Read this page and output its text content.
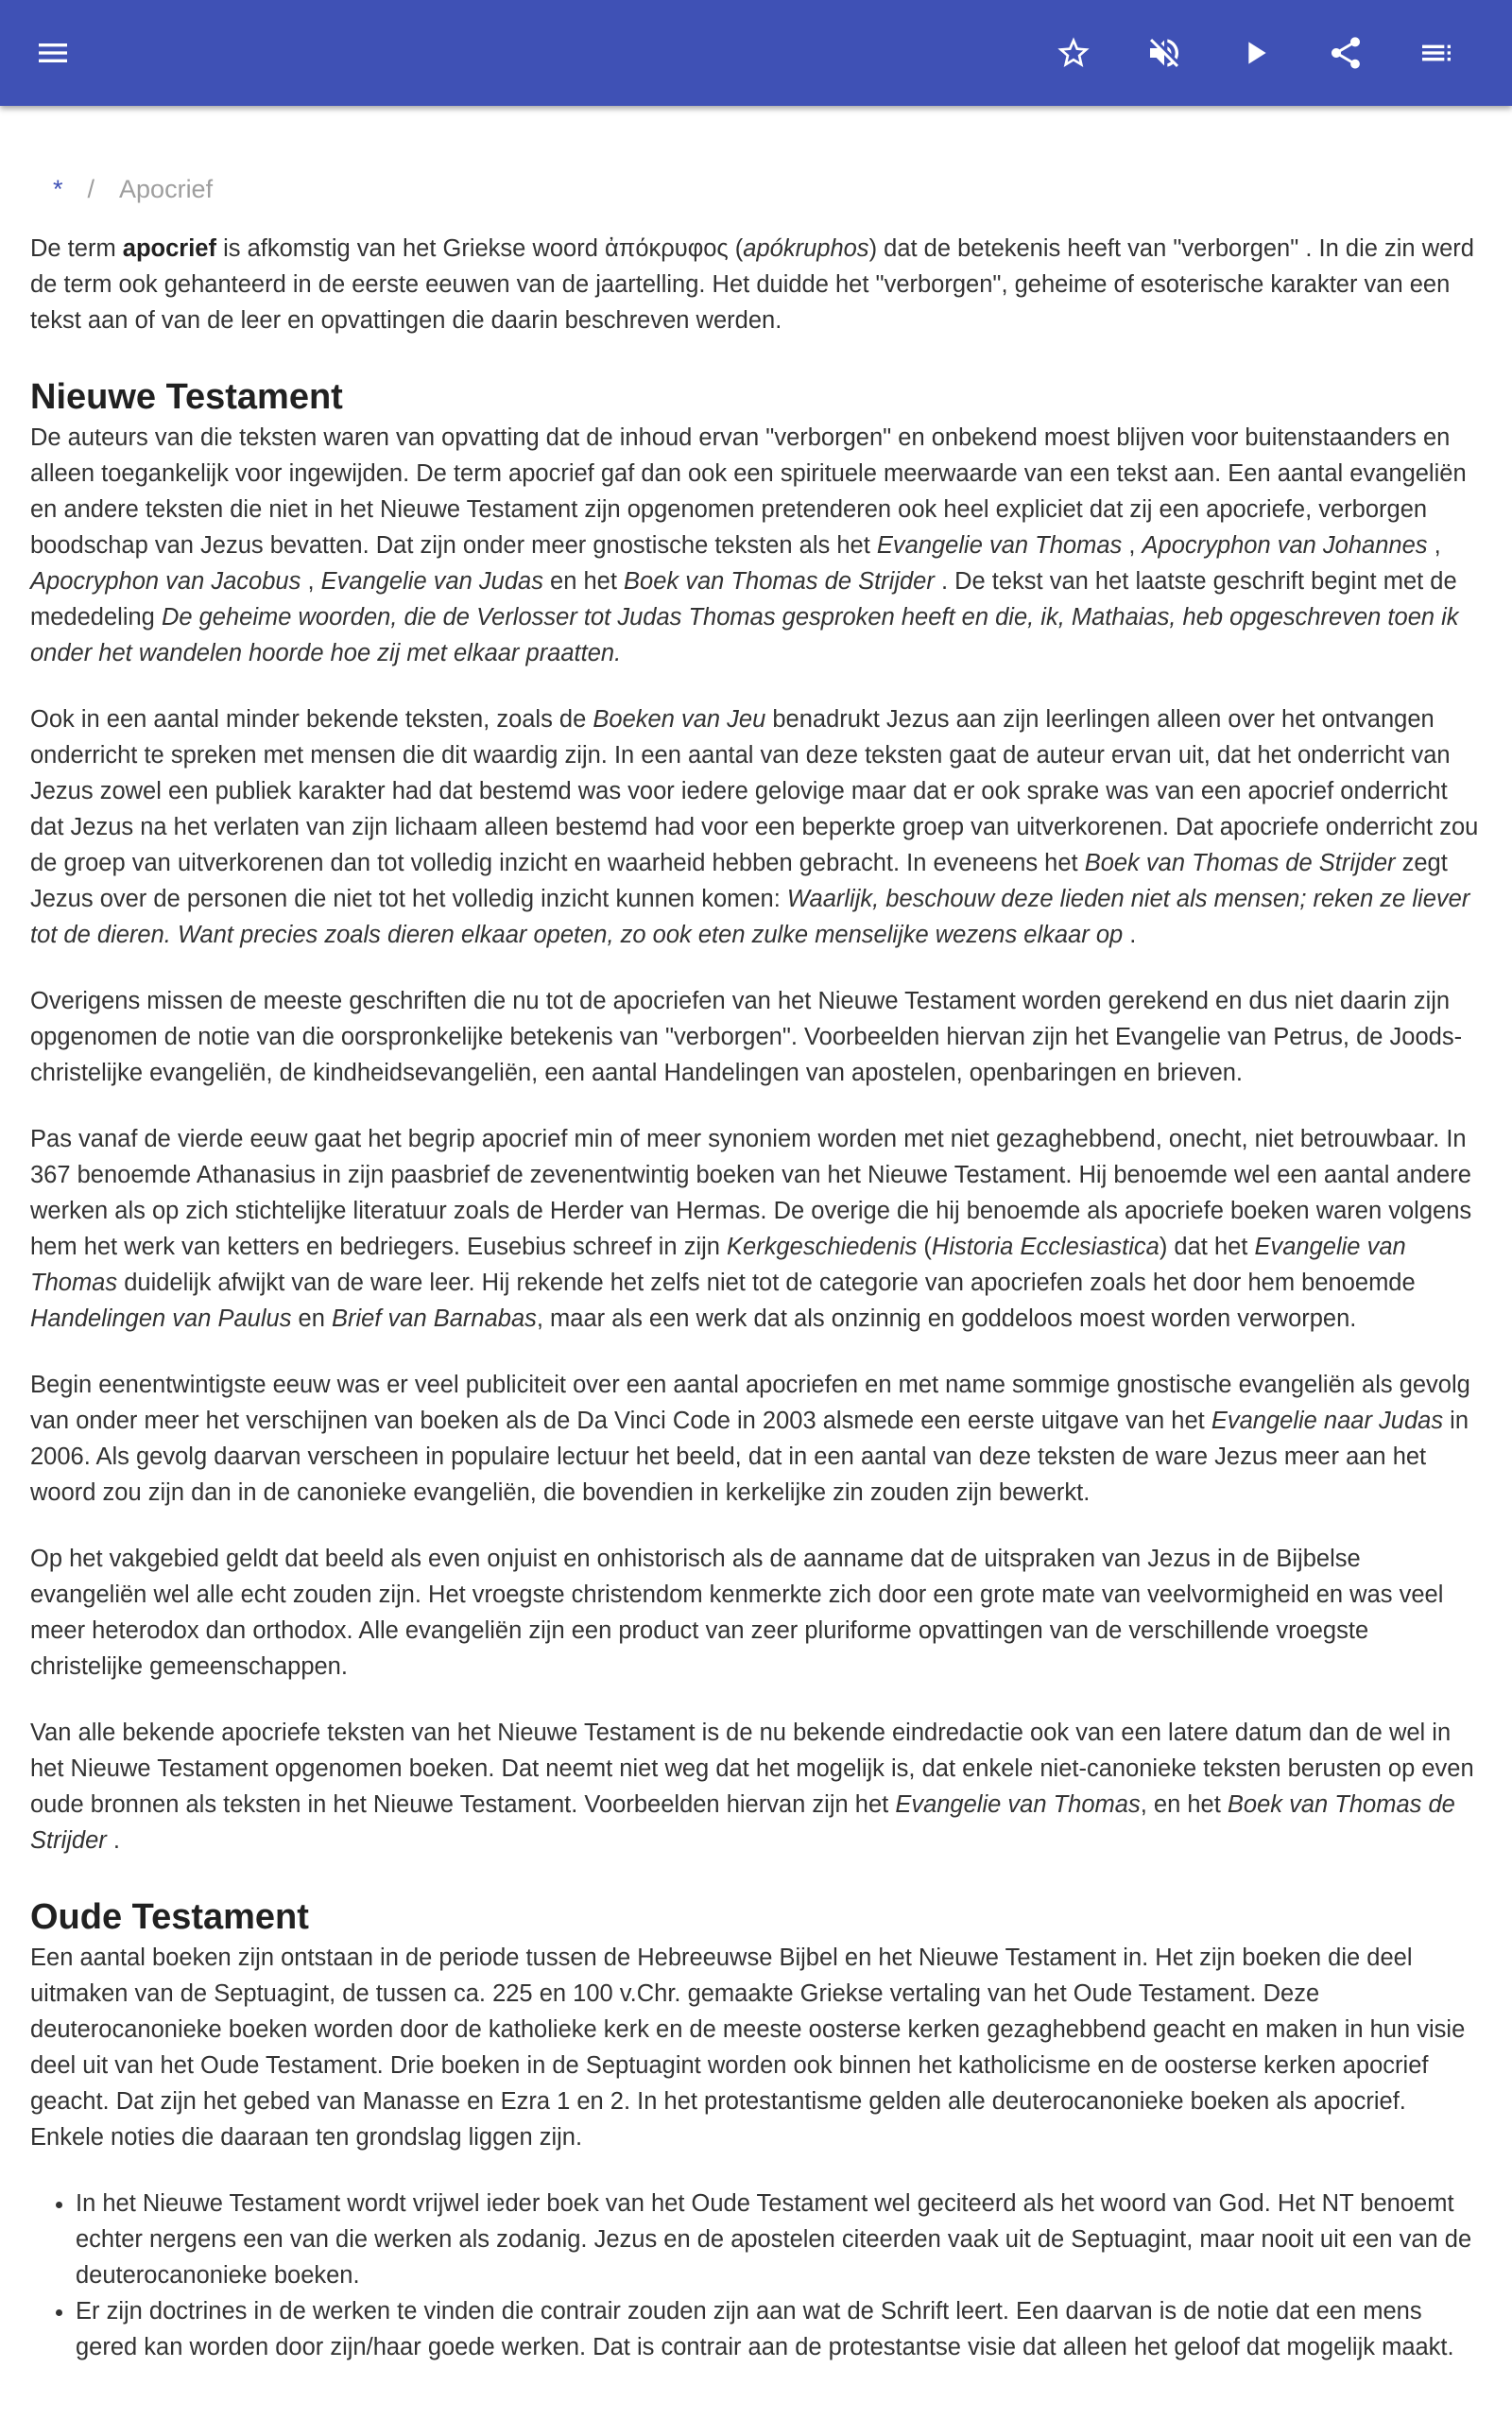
* / Apocrief

De term apocrief is afkomstig van het Griekse woord ἀπόκρυφος (apókruphos) dat de betekenis heeft van "verborgen" . In die zin werd de term ook gehanteerd in de eerste eeuwen van de jaartelling. Het duidde het "verborgen", geheime of esoterische karakter van een tekst aan of van de leer en opvattingen die daarin beschreven werden.

Nieuwe Testament

De auteurs van die teksten waren van opvatting dat de inhoud ervan "verborgen" en onbekend moest blijven voor buitenstaanders en alleen toegankelijk voor ingewijden. De term apocrief gaf dan ook een spirituele meerwaarde van een tekst aan. Een aantal evangeliën en andere teksten die niet in het Nieuwe Testament zijn opgenomen pretenderen ook heel expliciet dat zij een apocriefe, verborgen boodschap van Jezus bevatten. Dat zijn onder meer gnostische teksten als het Evangelie van Thomas , Apocryphon van Johannes , Apocryphon van Jacobus , Evangelie van Judas en het Boek van Thomas de Strijder . De tekst van het laatste geschrift begint met de mededeling De geheime woorden, die de Verlosser tot Judas Thomas gesproken heeft en die, ik, Mathaias, heb opgeschreven toen ik onder het wandelen hoorde hoe zij met elkaar praatten.

Ook in een aantal minder bekende teksten, zoals de Boeken van Jeu benadrukt Jezus aan zijn leerlingen alleen over het ontvangen onderricht te spreken met mensen die dit waardig zijn. In een aantal van deze teksten gaat de auteur ervan uit, dat het onderricht van Jezus zowel een publiek karakter had dat bestemd was voor iedere gelovige maar dat er ook sprake was van een apocrief onderricht dat Jezus na het verlaten van zijn lichaam alleen bestemd had voor een beperkte groep van uitverkorenen. Dat apocriefe onderricht zou de groep van uitverkorenen dan tot volledig inzicht en waarheid hebben gebracht. In eveneens het Boek van Thomas de Strijder zegt Jezus over de personen die niet tot het volledig inzicht kunnen komen: Waarlijk, beschouw deze lieden niet als mensen; reken ze liever tot de dieren. Want precies zoals dieren elkaar opeten, zo ook eten zulke menselijke wezens elkaar op .

Overigens missen de meeste geschriften die nu tot de apocriefen van het Nieuwe Testament worden gerekend en dus niet daarin zijn opgenomen de notie van die oorspronkelijke betekenis van "verborgen". Voorbeelden hiervan zijn het Evangelie van Petrus, de Joods-christelijke evangeliën, de kindheidsevangeliën, een aantal Handelingen van apostelen, openbaringen en brieven.

Pas vanaf de vierde eeuw gaat het begrip apocrief min of meer synoniem worden met niet gezaghebbend, onecht, niet betrouwbaar. In 367 benoemde Athanasius in zijn paasbrief de zevenentwintig boeken van het Nieuwe Testament. Hij benoemde wel een aantal andere werken als op zich stichtelijke literatuur zoals de Herder van Hermas. De overige die hij benoemde als apocriefe boeken waren volgens hem het werk van ketters en bedriegers. Eusebius schreef in zijn Kerkgeschiedenis (Historia Ecclesiastica) dat het Evangelie van Thomas duidelijk afwijkt van de ware leer. Hij rekende het zelfs niet tot de categorie van apocriefen zoals het door hem benoemde Handelingen van Paulus en Brief van Barnabas, maar als een werk dat als onzinnig en goddeloos moest worden verworpen.

Begin eenentwintigste eeuw was er veel publiciteit over een aantal apocriefen en met name sommige gnostische evangeliën als gevolg van onder meer het verschijnen van boeken als de Da Vinci Code in 2003 alsmede een eerste uitgave van het Evangelie naar Judas in 2006. Als gevolg daarvan verscheen in populaire lectuur het beeld, dat in een aantal van deze teksten de ware Jezus meer aan het woord zou zijn dan in de canonieke evangeliën, die bovendien in kerkelijke zin zouden zijn bewerkt.

Op het vakgebied geldt dat beeld als even onjuist en onhistorisch als de aanname dat de uitspraken van Jezus in de Bijbelse evangeliën wel alle echt zouden zijn. Het vroegste christendom kenmerkte zich door een grote mate van veelvormigheid en was veel meer heterodox dan orthodox. Alle evangeliën zijn een product van zeer pluriforme opvattingen van de verschillende vroegste christelijke gemeenschappen.

Van alle bekende apocriefe teksten van het Nieuwe Testament is de nu bekende eindredactie ook van een latere datum dan de wel in het Nieuwe Testament opgenomen boeken. Dat neemt niet weg dat het mogelijk is, dat enkele niet-canonieke teksten berusten op even oude bronnen als teksten in het Nieuwe Testament. Voorbeelden hiervan zijn het Evangelie van Thomas, en het Boek van Thomas de Strijder .

Oude Testament

Een aantal boeken zijn ontstaan in de periode tussen de Hebreeuwse Bijbel en het Nieuwe Testament in. Het zijn boeken die deel uitmaken van de Septuagint, de tussen ca. 225 en 100 v.Chr. gemaakte Griekse vertaling van het Oude Testament. Deze deuterocanonieke boeken worden door de katholieke kerk en de meeste oosterse kerken gezaghebbend geacht en maken in hun visie deel uit van het Oude Testament. Drie boeken in de Septuagint worden ook binnen het katholicisme en de oosterse kerken apocrief geacht. Dat zijn het gebed van Manasse en Ezra 1 en 2. In het protestantisme gelden alle deuterocanonieke boeken als apocrief. Enkele noties die daaraan ten grondslag liggen zijn.

• In het Nieuwe Testament wordt vrijwel ieder boek van het Oude Testament wel geciteerd als het woord van God. Het NT benoemt echter nergens een van die werken als zodanig. Jezus en de apostelen citeerden vaak uit de Septuagint, maar nooit uit een van de deuterocanonieke boeken.
• Er zijn doctrines in de werken te vinden die contrair zouden zijn aan wat de Schrift leert. Een daarvan is de notie dat een mens gered kan worden door zijn/haar goede werken. Dat is contrair aan de protestantse visie dat alleen het geloof dat mogelijk maakt.
